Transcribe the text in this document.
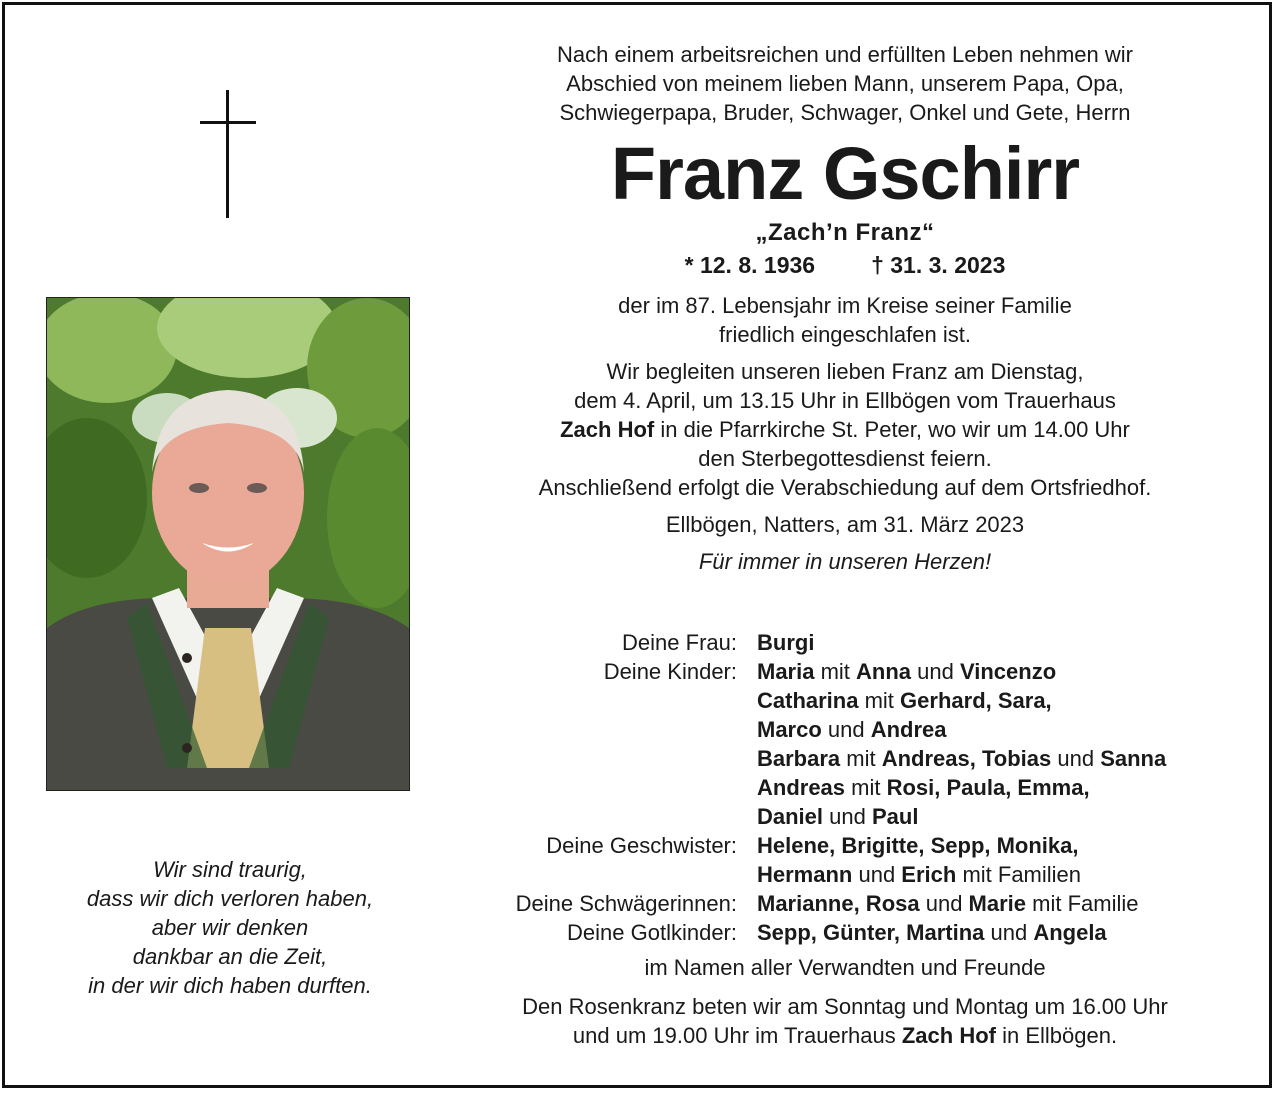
Wir sind traurig,
dass wir dich verloren haben,
aber wir denken
dankbar an die Zeit,
in der wir dich haben durften.
Nach einem arbeitsreichen und erfüllten Leben nehmen wir
Abschied von meinem lieben Mann, unserem Papa, Opa,
Schwiegerpapa, Bruder, Schwager, Onkel und Gete, Herrn
Franz Gschirr
„Zach’n Franz“
* 12. 8. 1936 † 31. 3. 2023
der im 87. Lebensjahr im Kreise seiner Familie
friedlich eingeschlafen ist.
Wir begleiten unseren lieben Franz am Dienstag,
dem 4. April, um 13.15 Uhr in Ellbögen vom Trauerhaus
Zach Hof in die Pfarrkirche St. Peter, wo wir um 14.00 Uhr
den Sterbegottesdienst feiern.
Anschließend erfolgt die Verabschiedung auf dem Ortsfriedhof.
Ellbögen, Natters, am 31. März 2023
Für immer in unseren Herzen!
Deine Frau: Burgi
Deine Kinder: Maria mit Anna und Vincenzo
Catharina mit Gerhard, Sara,
Marco und Andrea
Barbara mit Andreas, Tobias und Sanna
Andreas mit Rosi, Paula, Emma,
Daniel und Paul
Deine Geschwister: Helene, Brigitte, Sepp, Monika,
Hermann und Erich mit Familien
Deine Schwägerinnen: Marianne, Rosa und Marie mit Familie
Deine Gotlkinder: Sepp, Günter, Martina und Angela
im Namen aller Verwandten und Freunde
Den Rosenkranz beten wir am Sonntag und Montag um 16.00 Uhr
und um 19.00 Uhr im Trauerhaus Zach Hof in Ellbögen.
